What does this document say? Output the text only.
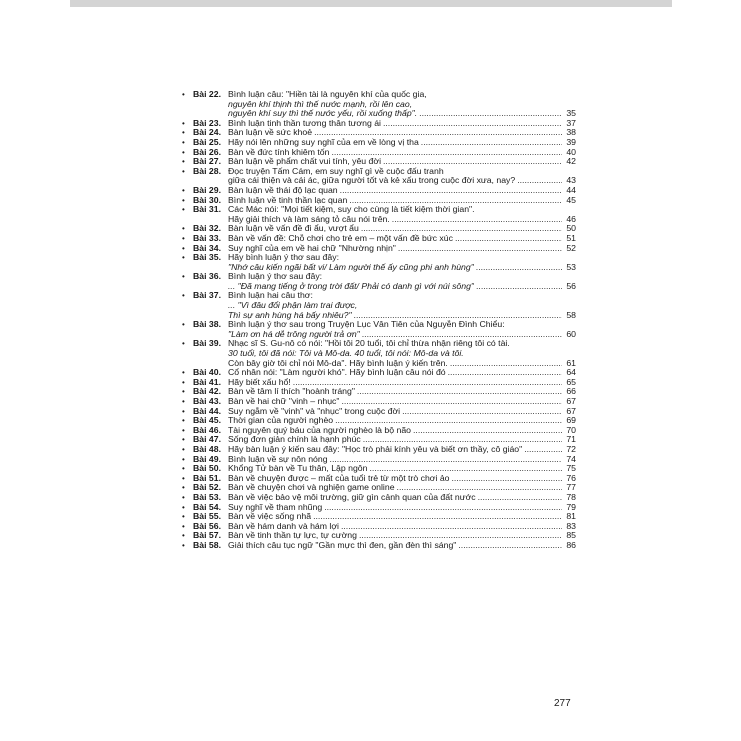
• Bài 22. Bình luận câu: "Hiền tài là nguyên khí của quốc gia,
nguyên khí thịnh thì thế nước mạnh, rồi lên cao,
nguyên khí suy thì thế nước yếu, rồi xuống thấp". .....	35
• Bài 23. Bình luận tinh thần tương thân tương ái .....	37
• Bài 24. Bàn luận về sức khoẻ .....	38
• Bài 25. Hãy nói lên những suy nghĩ của em về lòng vị tha .....	39
• Bài 26. Bàn về đức tính khiêm tốn .....	40
• Bài 27. Bàn luận về phẩm chất vui tính, yêu đời .....	42
• Bài 28. Đọc truyện Tấm Cám, em suy nghĩ gì về cuộc đấu tranh
giữa cái thiện và cái ác, giữa người tốt và kẻ xấu trong cuộc đời xưa, nay? .....	43
• Bài 29. Bàn luận về thái độ lạc quan .....	44
• Bài 30. Bình luận về tinh thần lạc quan .....	45
• Bài 31. Các Mác nói: "Mọi tiết kiệm, suy cho cùng là tiết kiệm thời gian".
Hãy giải thích và làm sáng tỏ câu nói trên. .....	46
• Bài 32. Bàn luận về vấn đề đi ẩu, vượt ẩu .....	50
• Bài 33. Bàn về vấn đề: Chỗ chơi cho trẻ em – một vấn đề bức xúc .....	51
• Bài 34. Suy nghĩ của em về hai chữ "Nhường nhịn" .....	52
• Bài 35. Hãy bình luận ý thơ sau đây:
"Nhớ câu kiến ngãi bất vi/ Làm người thế ấy cũng phi anh hùng" .....	53
• Bài 36. Bình luận ý thơ sau đây:
... "Đã mang tiếng ở trong trời đất/ Phải có danh gì với núi sông" .....	56
• Bài 37. Bình luận hai câu thơ:
... "Vì đâu đổi phận làm trai được,
Thì sự anh hùng há bấy nhiêu?" .....	58
• Bài 38. Bình luận ý thơ sau trong Truyện Lục Vân Tiên của Nguyễn Đình Chiểu:
"Làm ơn há dễ trông người trả ơn" .....	60
• Bài 39. Nhạc sĩ S. Gu-nô có nói: "Hồi tôi 20 tuổi, tôi chỉ thừa nhận riêng tôi có tài.
30 tuổi, tôi đã nói: Tôi và Mô-da. 40 tuổi, tôi nói: Mô-da và tôi.
Còn bây giờ tôi chỉ nói Mô-da". Hãy bình luận ý kiến trên. .....	61
• Bài 40. Cổ nhân nói: "Làm người khó". Hãy bình luận câu nói đó .....	64
• Bài 41. Hãy biết xấu hổ! .....	65
• Bài 42. Bàn về tâm lí thích "hoành tráng" .....	66
• Bài 43. Bàn về hai chữ "vinh – nhục" .....	67
• Bài 44. Suy ngẫm về "vinh" và "nhục" trong cuộc đời .....	67
• Bài 45. Thời gian của người nghèo .....	69
• Bài 46. Tài nguyên quý báu của người nghèo là bộ não .....	70
• Bài 47. Sống đơn giản chính là hạnh phúc .....	71
• Bài 48. Hãy bàn luận ý kiến sau đây: "Học trò phải kính yêu và biết ơn thầy, cô giáo" .....	72
• Bài 49. Bình luận về sự nôn nóng .....	74
• Bài 50. Khổng Tử bàn về Tu thân, Lập ngôn .....	75
• Bài 51. Bàn về chuyện được – mất của tuổi trẻ từ một trò chơi ảo .....	76
• Bài 52. Bàn về chuyện chơi và nghiện game online .....	77
• Bài 53. Bàn về việc bảo vệ môi trường, giữ gìn cảnh quan của đất nước .....	78
• Bài 54. Suy nghĩ về tham nhũng .....	79
• Bài 55. Bàn về việc sống nhã .....	81
• Bài 56. Bàn về hám danh và hám lợi .....	83
• Bài 57. Bàn về tinh thần tự lực, tự cường .....	85
• Bài 58. Giải thích câu tục ngữ "Gần mực thì đen, gần đèn thì sáng" .....	86
277
